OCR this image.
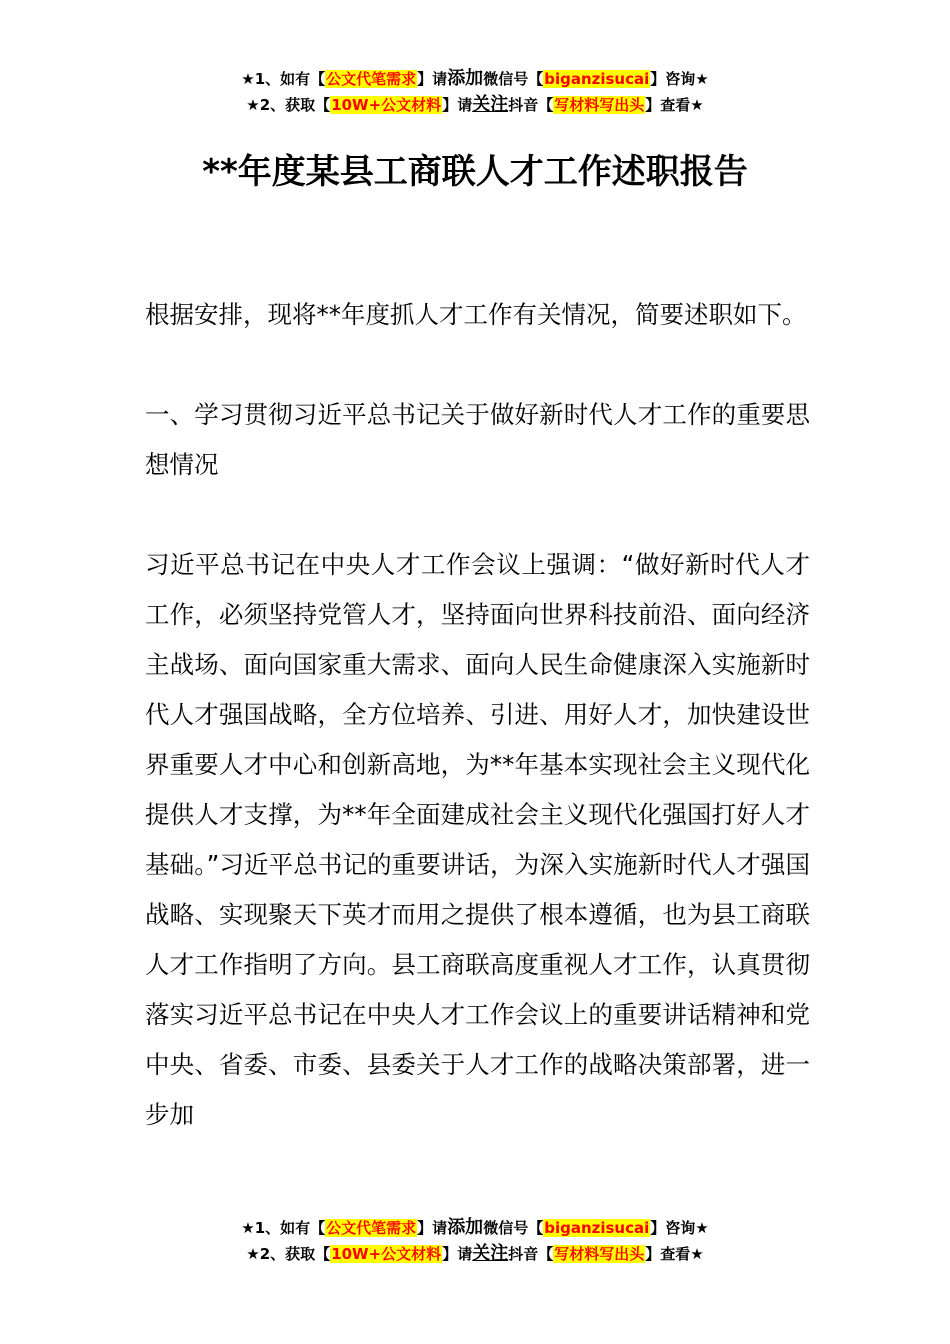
★1、如有【公文代笔需求】请添加微信号【biganzisucai】咨询★
★2、获取【10W+公文材料】请关注抖音【写材料写出头】查看★
**年度某县工商联人才工作述职报告

根据安排，现将**年度抓人才工作有关情况，简要述职如下。

一、学习贯彻习近平总书记关于做好新时代人才工作的重要思想情况

习近平总书记在中央人才工作会议上强调：“做好新时代人才工作，必须坚持党管人才，坚持面向世界科技前沿、面向经济主战场、面向国家重大需求、面向人民生命健康深入实施新时代人才强国战略，全方位培养、引进、用好人才，加快建设世界重要人才中心和创新高地，为**年基本实现社会主义现代化提供人才支撑，为**年全面建成社会主义现代化强国打好人才基础。”习近平总书记的重要讲话，为深入实施新时代人才强国战略、实现聚天下英才而用之提供了根本遵循，也为县工商联人才工作指明了方向。县工商联高度重视人才工作，认真贯彻落实习近平总书记在中央人才工作会议上的重要讲话精神和党中央、省委、市委、县委关于人才工作的战略决策部署，进一步加

★1、如有【公文代笔需求】请添加微信号【biganzisucai】咨询★
★2、获取【10W+公文材料】请关注抖音【写材料写出头】查看★
